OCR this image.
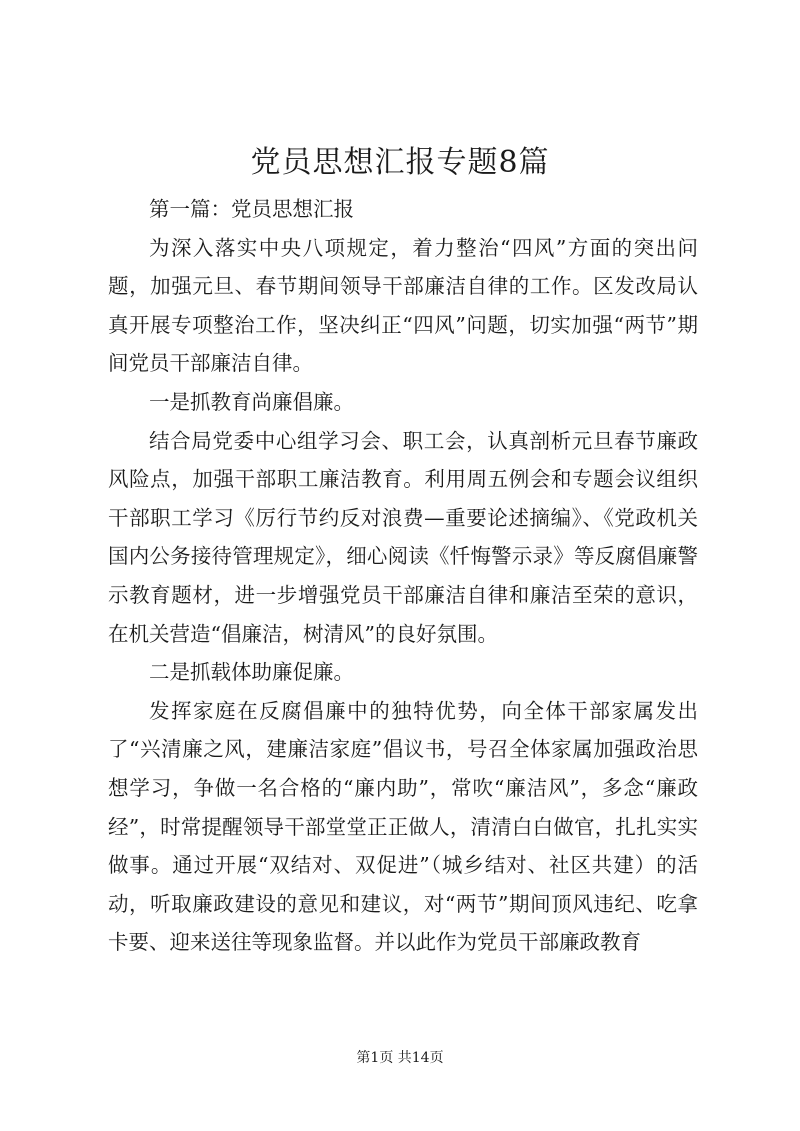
党员思想汇报专题8篇

第一篇：党员思想汇报

为深入落实中央八项规定，着力整治“四风”方面的突出问题，加强元旦、春节期间领导干部廉洁自律的工作。区发改局认真开展专项整治工作，坚决纠正“四风”问题，切实加强“两节”期间党员干部廉洁自律。

一是抓教育尚廉倡廉。

结合局党委中心组学习会、职工会，认真剖析元旦春节廉政风险点，加强干部职工廉洁教育。利用周五例会和专题会议组织干部职工学习《厉行节约反对浪费—重要论述摘编》、《党政机关国内公务接待管理规定》，细心阅读《忏悔警示录》等反腐倡廉警示教育题材，进一步增强党员干部廉洁自律和廉洁至荣的意识，在机关营造“倡廉洁，树清风”的良好氛围。

二是抓载体助廉促廉。

发挥家庭在反腐倡廉中的独特优势，向全体干部家属发出了“兴清廉之风，建廉洁家庭”倡议书，号召全体家属加强政治思想学习，争做一名合格的“廉内助”，常吹“廉洁风”，多念“廉政经”，时常提醒领导干部堂堂正正做人，清清白白做官，扎扎实实做事。通过开展“双结对、双促进”（城乡结对、社区共建）的活动，听取廉政建设的意见和建议，对“两节”期间顶风违纪、吃拿卡要、迎来送往等现象监督。并以此作为党员干部廉政教育

第1页 共14页
